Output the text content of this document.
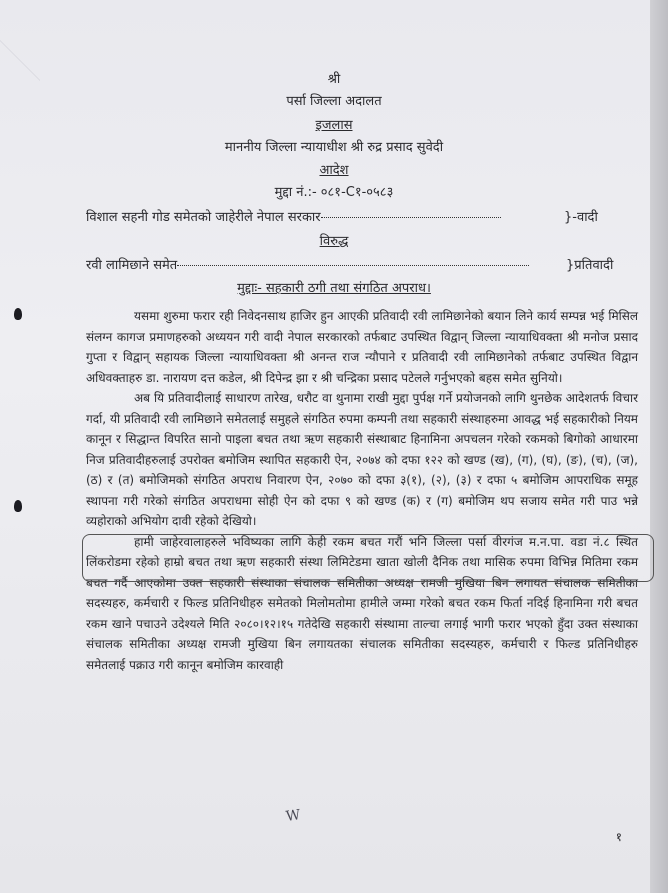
श्री
पर्सा जिल्ला अदालत
इजलास
माननीय जिल्ला न्यायाधीश श्री रुद्र प्रसाद सुवेदी
आदेश
मुद्दा नं.:- ०८१-C१-०५८३
विशाल सहनी गोड समेतको जाहेरीले नेपाल सरकार	}-वादी
विरुद्ध
रवी लामिछाने समेत	}प्रतिवादी
मुद्दाः- सहकारी ठगी तथा संगठित अपराध।

यसमा शुरुमा फरार रही निवेदनसाथ हाजिर हुन आएकी प्रतिवादी रवी लामिछानेको बयान लिने कार्य सम्पन्न भई मिसिल संलग्न कागज प्रमाणहरुको अध्ययन गरी वादी नेपाल सरकारको तर्फबाट उपस्थित विद्वान् जिल्ला न्यायाधिवक्ता श्री मनोज प्रसाद गुप्ता र विद्वान् सहायक जिल्ला न्यायाधिवक्ता श्री अनन्त राज न्यौपाने र प्रतिवादी रवी लामिछानेको तर्फबाट उपस्थित विद्वान अधिवक्ताहरु डा. नारायण दत्त कडेल, श्री दिपेन्द्र झा र श्री चन्द्रिका प्रसाद पटेलले गर्नुभएको बहस समेत सुनियो।

अब यि प्रतिवादीलाई साधारण तारेख, धरौट वा थुनामा राखी मुद्दा पुर्पक्ष गर्ने प्रयोजनको लागि थुनछेक आदेशतर्फ विचार गर्दा, यी प्रतिवादी रवी लामिछाने समेतलाई समुहले संगठित रुपमा कम्पनी तथा सहकारी संस्थाहरुमा आवद्ध भई सहकारीको नियम कानून र सिद्धान्त विपरित सानो पाइला बचत तथा ऋण सहकारी संस्थाबाट हिनामिना अपचलन गरेको रकमको बिगोको आधारमा निज प्रतिवादीहरुलाई उपरोक्त बमोजिम स्थापित सहकारी ऐन, २०७४ को दफा १२२ को खण्ड (ख), (ग), (घ), (ङ), (च), (ज), (ठ) र (त) बमोजिमको संगठित अपराध निवारण ऐन, २०७० को दफा ३(१), (२), (३) र दफा ५ बमोजिम आपराधिक समूह स्थापना गरी गरेको संगठित अपराधमा सोही ऐन को दफा ९ को खण्ड (क) र (ग) बमोजिम थप सजाय समेत गरी पाउ भन्ने व्यहोराको अभियोग दावी रहेको देखियो।

हामी जाहेरवालाहरुले भविष्यका लागि केही रकम बचत गरौं भनि जिल्ला पर्सा वीरगंज म.न.पा. वडा नं.८ स्थित लिंकरोडमा रहेको हाम्रो बचत तथा ऋण सहकारी संस्था लिमिटेडमा खाता खोली दैनिक तथा मासिक रुपमा विभिन्न मितिमा रकम बचत गर्दै आएकोमा उक्त सहकारी संस्थाका संचालक समितीका अध्यक्ष रामजी मुखिया बिन लगायत संचालक समितीका सदस्यहरु, कर्मचारी र फिल्ड प्रतिनिधीहरु समेतको मिलोमतोमा हामीले जम्मा गरेको बचत रकम फिर्ता नदिई हिनामिना गरी बचत रकम खाने पचाउने उदेश्यले मिति २०८०।१२।१५ गतेदेखि सहकारी संस्थामा ताल्चा लगाई भागी फरार भएको हुँदा उक्त संस्थाका संचालक समितीका अध्यक्ष रामजी मुखिया बिन लगायतका संचालक समितीका सदस्यहरु, कर्मचारी र फिल्ड प्रतिनिधीहरु समेतलाई पक्राउ गरी कानून बमोजिम कारवाही

W
१
